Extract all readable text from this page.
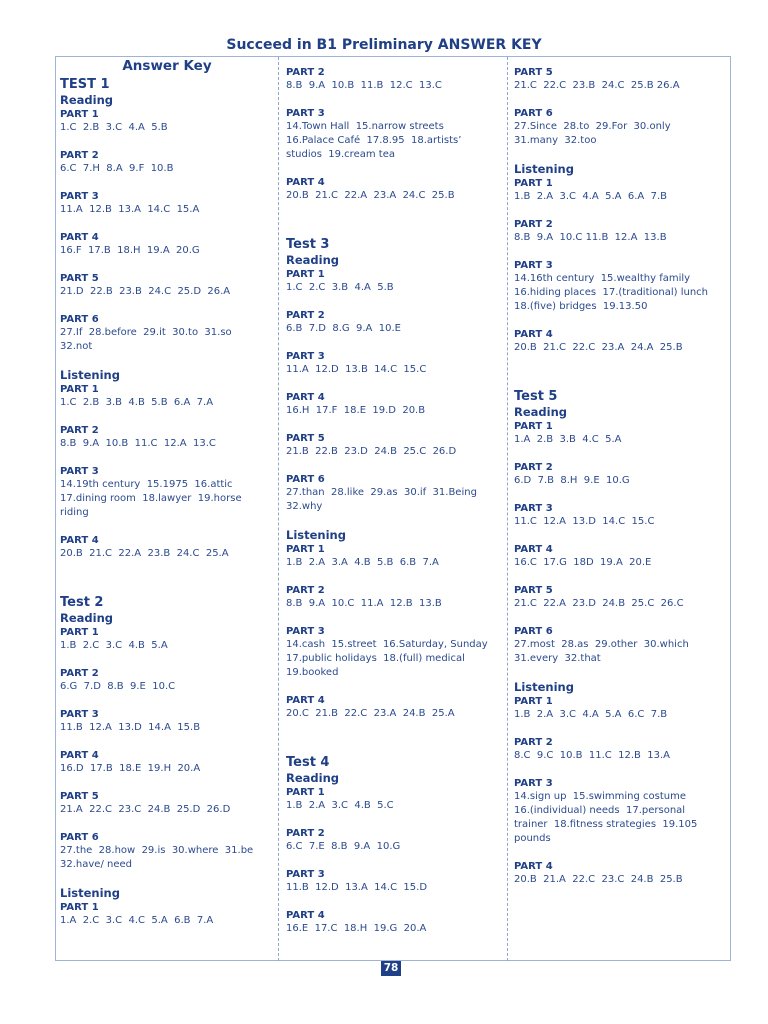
Succeed in B1 Preliminary ANSWER KEY
Answer Key
TEST 1
Reading
PART 1
1.C  2.B  3.C  4.A  5.B
PART 2
6.C  7.H  8.A  9.F  10.B
PART 3
11.A  12.B  13.A  14.C  15.A
PART 4
16.F  17.B  18.H  19.A  20.G
PART 5
21.D  22.B  23.B  24.C  25.D  26.A
PART 6
27.If  28.before  29.it  30.to  31.so
32.not
Listening
PART 1
1.C  2.B  3.B  4.B  5.B  6.A  7.A
PART 2
8.B  9.A  10.B  11.C  12.A  13.C
PART 3
14.19th century  15.1975  16.attic
17.dining room  18.lawyer  19.horse
riding
PART 4
20.B  21.C  22.A  23.B  24.C  25.A
Test 2
Reading
PART 1
1.B  2.C  3.C  4.B  5.A
PART 2
6.G  7.D  8.B  9.E  10.C
PART 3
11.B  12.A  13.D  14.A  15.B
PART 4
16.D  17.B  18.E  19.H  20.A
PART 5
21.A  22.C  23.C  24.B  25.D  26.D
PART 6
27.the  28.how  29.is  30.where  31.be
32.have/ need
Listening
PART 1
1.A  2.C  3.C  4.C  5.A  6.B  7.A
PART 2
8.B  9.A  10.B  11.B  12.C  13.C
PART 3
14.Town Hall  15.narrow streets
16.Palace Café  17.8.95  18.artists’
studios  19.cream tea
PART 4
20.B  21.C  22.A  23.A  24.C  25.B
Test 3
Reading
PART 1
1.C  2.C  3.B  4.A  5.B
PART 2
6.B  7.D  8.G  9.A  10.E
PART 3
11.A  12.D  13.B  14.C  15.C
PART 4
16.H  17.F  18.E  19.D  20.B
PART 5
21.B  22.B  23.D  24.B  25.C  26.D
PART 6
27.than  28.like  29.as  30.if  31.Being
32.why
Listening
PART 1
1.B  2.A  3.A  4.B  5.B  6.B  7.A
PART 2
8.B  9.A  10.C  11.A  12.B  13.B
PART 3
14.cash  15.street  16.Saturday, Sunday
17.public holidays  18.(full) medical
19.booked
PART 4
20.C  21.B  22.C  23.A  24.B  25.A
Test 4
Reading
PART 1
1.B  2.A  3.C  4.B  5.C
PART 2
6.C  7.E  8.B  9.A  10.G
PART 3
11.B  12.D  13.A  14.C  15.D
PART 4
16.E  17.C  18.H  19.G  20.A
PART 5
21.C  22.C  23.B  24.C  25.B 26.A
PART 6
27.Since  28.to  29.For  30.only
31.many  32.too
Listening
PART 1
1.B  2.A  3.C  4.A  5.A  6.A  7.B
PART 2
8.B  9.A  10.C 11.B  12.A  13.B
PART 3
14.16th century  15.wealthy family
16.hiding places  17.(traditional) lunch
18.(five) bridges  19.13.50
PART 4
20.B  21.C  22.C  23.A  24.A  25.B
Test 5
Reading
PART 1
1.A  2.B  3.B  4.C  5.A
PART 2
6.D  7.B  8.H  9.E  10.G
PART 3
11.C  12.A  13.D  14.C  15.C
PART 4
16.C  17.G  18D  19.A  20.E
PART 5
21.C  22.A  23.D  24.B  25.C  26.C
PART 6
27.most  28.as  29.other  30.which
31.every  32.that
Listening
PART 1
1.B  2.A  3.C  4.A  5.A  6.C  7.B
PART 2
8.C  9.C  10.B  11.C  12.B  13.A
PART 3
14.sign up  15.swimming costume
16.(individual) needs  17.personal
trainer  18.fitness strategies  19.105
pounds
PART 4
20.B  21.A  22.C  23.C  24.B  25.B
78
